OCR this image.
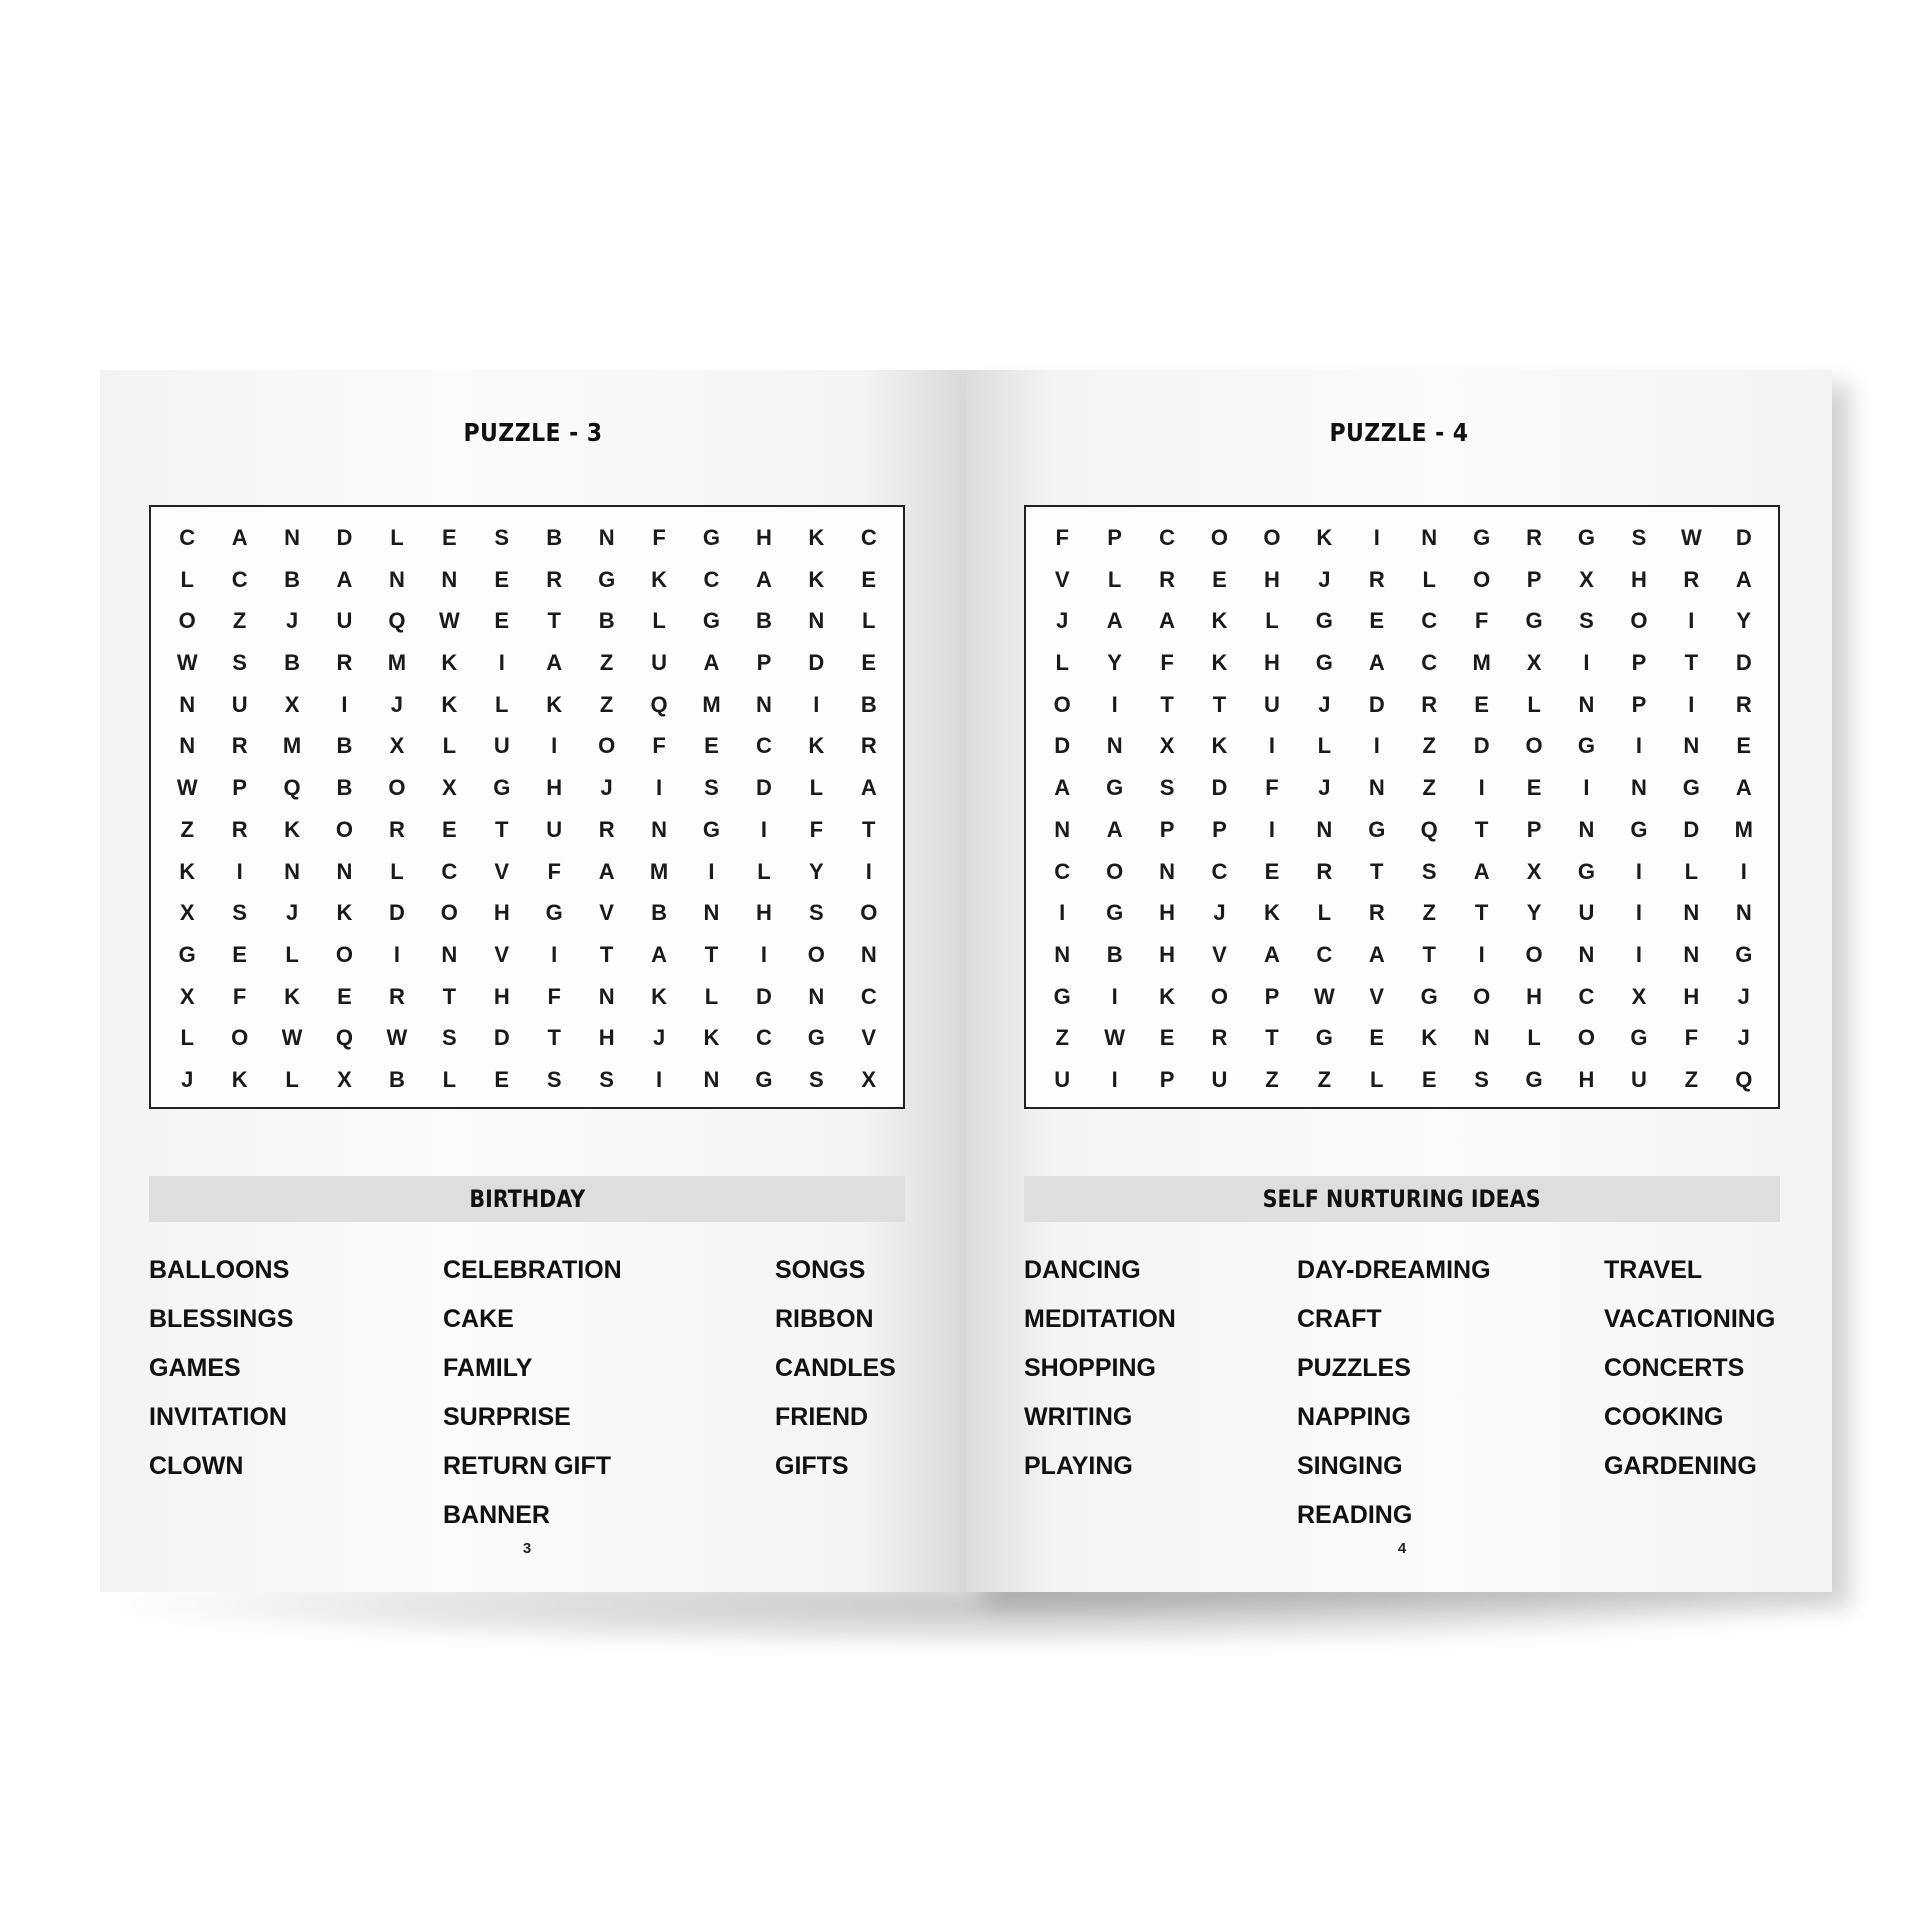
PUZZLE - 3
C	A	N	D	L	E	S	B	N	F	G	H	K	C
L	C	B	A	N	N	E	R	G	K	C	A	K	E
O	Z	J	U	Q	W	E	T	B	L	G	B	N	L
W	S	B	R	M	K	I	A	Z	U	A	P	D	E
N	U	X	I	J	K	L	K	Z	Q	M	N	I	B
N	R	M	B	X	L	U	I	O	F	E	C	K	R
W	P	Q	B	O	X	G	H	J	I	S	D	L	A
Z	R	K	O	R	E	T	U	R	N	G	I	F	T
K	I	N	N	L	C	V	F	A	M	I	L	Y	I
X	S	J	K	D	O	H	G	V	B	N	H	S	O
G	E	L	O	I	N	V	I	T	A	T	I	O	N
X	F	K	E	R	T	H	F	N	K	L	D	N	C
L	O	W	Q	W	S	D	T	H	J	K	C	G	V
J	K	L	X	B	L	E	S	S	I	N	G	S	X
BIRTHDAY
BALLOONS
BLESSINGS
GAMES
INVITATION
CLOWN
CELEBRATION
CAKE
FAMILY
SURPRISE
RETURN GIFT
BANNER
SONGS
RIBBON
CANDLES
FRIEND
GIFTS
3
PUZZLE - 4
F	P	C	O	O	K	I	N	G	R	G	S	W	D
V	L	R	E	H	J	R	L	O	P	X	H	R	A
J	A	A	K	L	G	E	C	F	G	S	O	I	Y
L	Y	F	K	H	G	A	C	M	X	I	P	T	D
O	I	T	T	U	J	D	R	E	L	N	P	I	R
D	N	X	K	I	L	I	Z	D	O	G	I	N	E
A	G	S	D	F	J	N	Z	I	E	I	N	G	A
N	A	P	P	I	N	G	Q	T	P	N	G	D	M
C	O	N	C	E	R	T	S	A	X	G	I	L	I
I	G	H	J	K	L	R	Z	T	Y	U	I	N	N
N	B	H	V	A	C	A	T	I	O	N	I	N	G
G	I	K	O	P	W	V	G	O	H	C	X	H	J
Z	W	E	R	T	G	E	K	N	L	O	G	F	J
U	I	P	U	Z	Z	L	E	S	G	H	U	Z	Q
SELF NURTURING IDEAS
DANCING
MEDITATION
SHOPPING
WRITING
PLAYING
DAY-DREAMING
CRAFT
PUZZLES
NAPPING
SINGING
READING
TRAVEL
VACATIONING
CONCERTS
COOKING
GARDENING
4
